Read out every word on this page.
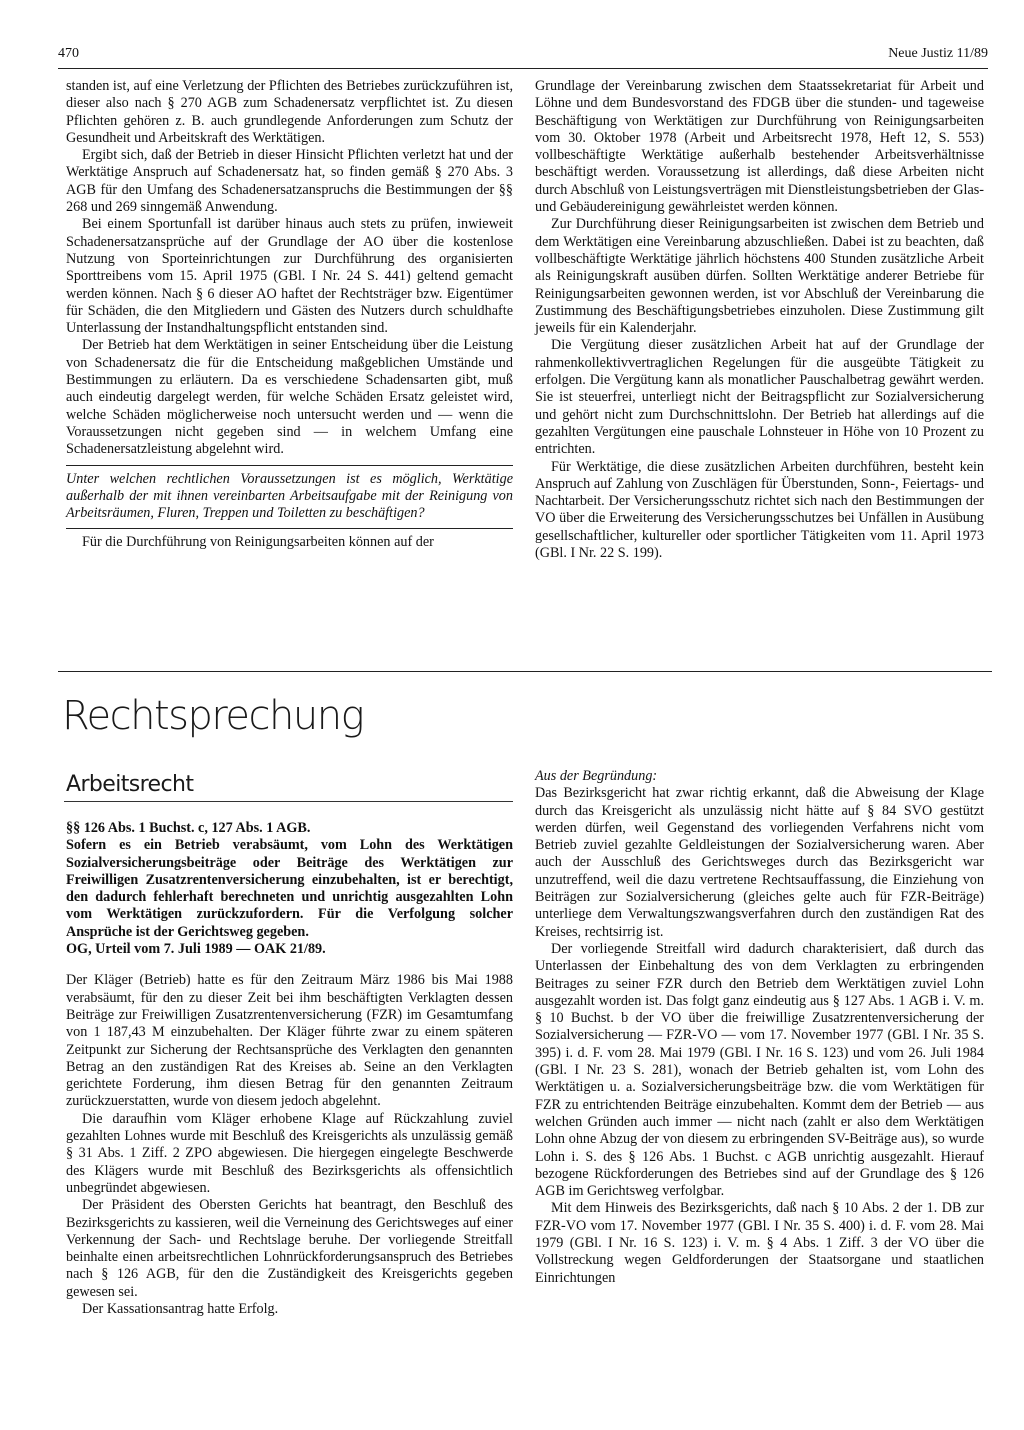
470	Neue Justiz 11/89

standen ist, auf eine Verletzung der Pflichten des Betriebes zurückzuführen ist, dieser also nach § 270 AGB zum Schadenersatz verpflichtet ist. Zu diesen Pflichten gehören z. B. auch grundlegende Anforderungen zum Schutz der Gesundheit und Arbeitskraft des Werktätigen.

Ergibt sich, daß der Betrieb in dieser Hinsicht Pflichten verletzt hat und der Werktätige Anspruch auf Schadenersatz hat, so finden gemäß § 270 Abs. 3 AGB für den Umfang des Schadenersatzanspruchs die Bestimmungen der §§ 268 und 269 sinngemäß Anwendung.

Bei einem Sportunfall ist darüber hinaus auch stets zu prüfen, inwieweit Schadenersatzansprüche auf der Grundlage der AO über die kostenlose Nutzung von Sporteinrichtungen zur Durchführung des organisierten Sporttreibens vom 15. April 1975 (GBl. I Nr. 24 S. 441) geltend gemacht werden können. Nach § 6 dieser AO haftet der Rechtsträger bzw. Eigentümer für Schäden, die den Mitgliedern und Gästen des Nutzers durch schuldhafte Unterlassung der Instandhaltungspflicht entstanden sind.

Der Betrieb hat dem Werktätigen in seiner Entscheidung über die Leistung von Schadenersatz die für die Entscheidung maßgeblichen Umstände und Bestimmungen zu erläutern. Da es verschiedene Schadensarten gibt, muß auch eindeutig dargelegt werden, für welche Schäden Ersatz geleistet wird, welche Schäden möglicherweise noch untersucht werden und — wenn die Voraussetzungen nicht gegeben sind — in welchem Umfang eine Schadenersatzleistung abgelehnt wird.

Unter welchen rechtlichen Voraussetzungen ist es möglich, Werktätige außerhalb der mit ihnen vereinbarten Arbeitsaufgabe mit der Reinigung von Arbeitsräumen, Fluren, Treppen und Toiletten zu beschäftigen?

Für die Durchführung von Reinigungsarbeiten können auf der

Grundlage der Vereinbarung zwischen dem Staatssekretariat für Arbeit und Löhne und dem Bundesvorstand des FDGB über die stunden- und tageweise Beschäftigung von Werktätigen zur Durchführung von Reinigungsarbeiten vom 30. Oktober 1978 (Arbeit und Arbeitsrecht 1978, Heft 12, S. 553) vollbeschäftigte Werktätige außerhalb bestehender Arbeitsverhältnisse beschäftigt werden. Voraussetzung ist allerdings, daß diese Arbeiten nicht durch Abschluß von Leistungsverträgen mit Dienstleistungsbetrieben der Glas- und Gebäudereinigung gewährleistet werden können.

Zur Durchführung dieser Reinigungsarbeiten ist zwischen dem Betrieb und dem Werktätigen eine Vereinbarung abzuschließen. Dabei ist zu beachten, daß vollbeschäftigte Werktätige jährlich höchstens 400 Stunden zusätzliche Arbeit als Reinigungskraft ausüben dürfen. Sollten Werktätige anderer Betriebe für Reinigungsarbeiten gewonnen werden, ist vor Abschluß der Vereinbarung die Zustimmung des Beschäftigungsbetriebes einzuholen. Diese Zustimmung gilt jeweils für ein Kalenderjahr.

Die Vergütung dieser zusätzlichen Arbeit hat auf der Grundlage der rahmenkollektivvertraglichen Regelungen für die ausgeübte Tätigkeit zu erfolgen. Die Vergütung kann als monatlicher Pauschalbetrag gewährt werden. Sie ist steuerfrei, unterliegt nicht der Beitragspflicht zur Sozialversicherung und gehört nicht zum Durchschnittslohn. Der Betrieb hat allerdings auf die gezahlten Vergütungen eine pauschale Lohnsteuer in Höhe von 10 Prozent zu entrichten.

Für Werktätige, die diese zusätzlichen Arbeiten durchführen, besteht kein Anspruch auf Zahlung von Zuschlägen für Überstunden, Sonn-, Feiertags- und Nachtarbeit. Der Versicherungsschutz richtet sich nach den Bestimmungen der VO über die Erweiterung des Versicherungsschutzes bei Unfällen in Ausübung gesellschaftlicher, kultureller oder sportlicher Tätigkeiten vom 11. April 1973 (GBl. I Nr. 22 S. 199).

Rechtsprechung
Arbeitsrecht

§§ 126 Abs. 1 Buchst. c, 127 Abs. 1 AGB.

Sofern es ein Betrieb verabsäumt, vom Lohn des Werktätigen Sozialversicherungsbeiträge oder Beiträge des Werktätigen zur Freiwilligen Zusatzrentenversicherung einzubehalten, ist er berechtigt, den dadurch fehlerhaft berechneten und unrichtig ausgezahlten Lohn vom Werktätigen zurückzufordern. Für die Verfolgung solcher Ansprüche ist der Gerichtsweg gegeben.

OG, Urteil vom 7. Juli 1989 — OAK 21/89.

Der Kläger (Betrieb) hatte es für den Zeitraum März 1986 bis Mai 1988 verabsäumt, für den zu dieser Zeit bei ihm beschäftigten Verklagten dessen Beiträge zur Freiwilligen Zusatzrentenversicherung (FZR) im Gesamtumfang von 1 187,43 M einzubehalten. Der Kläger führte zwar zu einem späteren Zeitpunkt zur Sicherung der Rechtsansprüche des Verklagten den genannten Betrag an den zuständigen Rat des Kreises ab. Seine an den Verklagten gerichtete Forderung, ihm diesen Betrag für den genannten Zeitraum zurückzuerstatten, wurde von diesem jedoch abgelehnt.

Die daraufhin vom Kläger erhobene Klage auf Rückzahlung zuviel gezahlten Lohnes wurde mit Beschluß des Kreisgerichts als unzulässig gemäß § 31 Abs. 1 Ziff. 2 ZPO abgewiesen. Die hiergegen eingelegte Beschwerde des Klägers wurde mit Beschluß des Bezirksgerichts als offensichtlich unbegründet abgewiesen.

Der Präsident des Obersten Gerichts hat beantragt, den Beschluß des Bezirksgerichts zu kassieren, weil die Verneinung des Gerichtsweges auf einer Verkennung der Sach- und Rechtslage beruhe. Der vorliegende Streitfall beinhalte einen arbeitsrechtlichen Lohnrückforderungsanspruch des Betriebes nach § 126 AGB, für den die Zuständigkeit des Kreisgerichts gegeben gewesen sei.

Der Kassationsantrag hatte Erfolg.

Aus der Begründung:

Das Bezirksgericht hat zwar richtig erkannt, daß die Abweisung der Klage durch das Kreisgericht als unzulässig nicht hätte auf § 84 SVO gestützt werden dürfen, weil Gegenstand des vorliegenden Verfahrens nicht vom Betrieb zuviel gezahlte Geldleistungen der Sozialversicherung waren. Aber auch der Ausschluß des Gerichtsweges durch das Bezirksgericht war unzutreffend, weil die dazu vertretene Rechtsauffassung, die Einziehung von Beiträgen zur Sozialversicherung (gleiches gelte auch für FZR-Beiträge) unterliege dem Verwaltungszwangsverfahren durch den zuständigen Rat des Kreises, rechtsirrig ist.

Der vorliegende Streitfall wird dadurch charakterisiert, daß durch das Unterlassen der Einbehaltung des von dem Verklagten zu erbringenden Beitrages zu seiner FZR durch den Betrieb dem Werktätigen zuviel Lohn ausgezahlt worden ist. Das folgt ganz eindeutig aus § 127 Abs. 1 AGB i. V. m. § 10 Buchst. b der VO über die freiwillige Zusatzrentenversicherung der Sozialversicherung — FZR-VO — vom 17. November 1977 (GBl. I Nr. 35 S. 395) i. d. F. vom 28. Mai 1979 (GBl. I Nr. 16 S. 123) und vom 26. Juli 1984 (GBl. I Nr. 23 S. 281), wonach der Betrieb gehalten ist, vom Lohn des Werktätigen u. a. Sozialversicherungsbeiträge bzw. die vom Werktätigen für FZR zu entrichtenden Beiträge einzubehalten. Kommt dem der Betrieb — aus welchen Gründen auch immer — nicht nach (zahlt er also dem Werktätigen Lohn ohne Abzug der von diesem zu erbringenden SV-Beiträge aus), so wurde Lohn i. S. des § 126 Abs. 1 Buchst. c AGB unrichtig ausgezahlt. Hierauf bezogene Rückforderungen des Betriebes sind auf der Grundlage des § 126 AGB im Gerichtsweg verfolgbar.

Mit dem Hinweis des Bezirksgerichts, daß nach § 10 Abs. 2 der 1. DB zur FZR-VO vom 17. November 1977 (GBl. I Nr. 35 S. 400) i. d. F. vom 28. Mai 1979 (GBl. I Nr. 16 S. 123) i. V. m. § 4 Abs. 1 Ziff. 3 der VO über die Vollstreckung wegen Geldforderungen der Staatsorgane und staatlichen Einrichtungen
